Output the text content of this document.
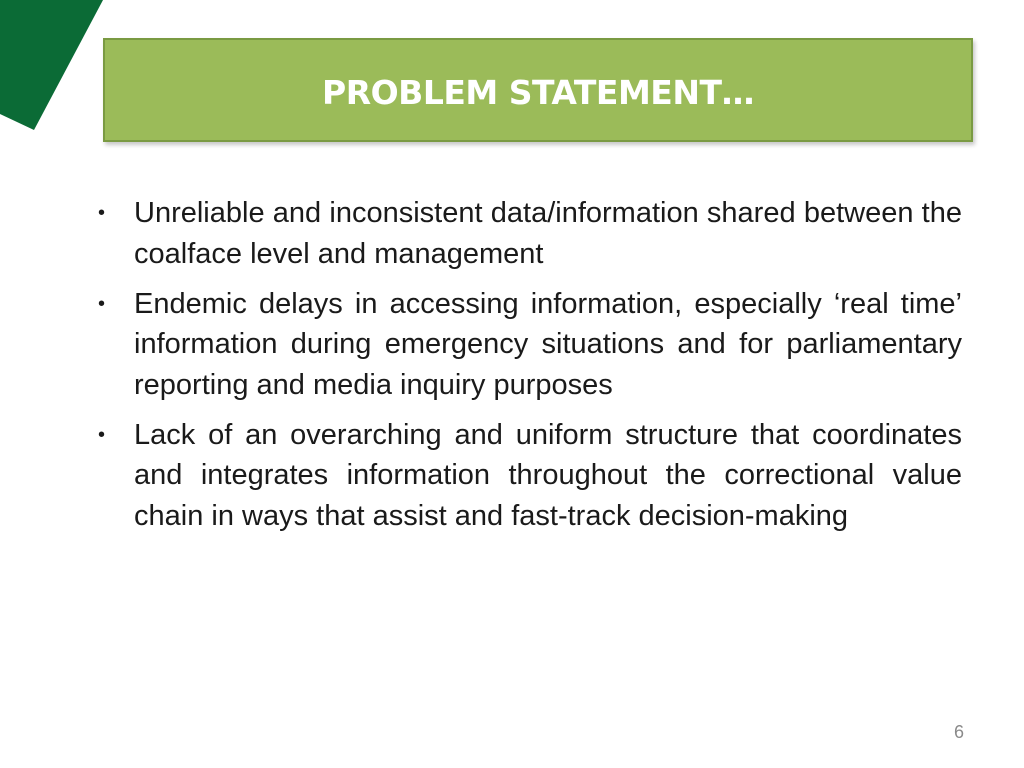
PROBLEM STATEMENT…
• Unreliable and inconsistent data/information shared between the coalface level and management
• Endemic delays in accessing information, especially ‘real time’ information during emergency situations and for parliamentary reporting and media inquiry purposes
• Lack of an overarching and uniform structure that coordinates and integrates information throughout the correctional value chain in ways that assist and fast-track decision-making
6
